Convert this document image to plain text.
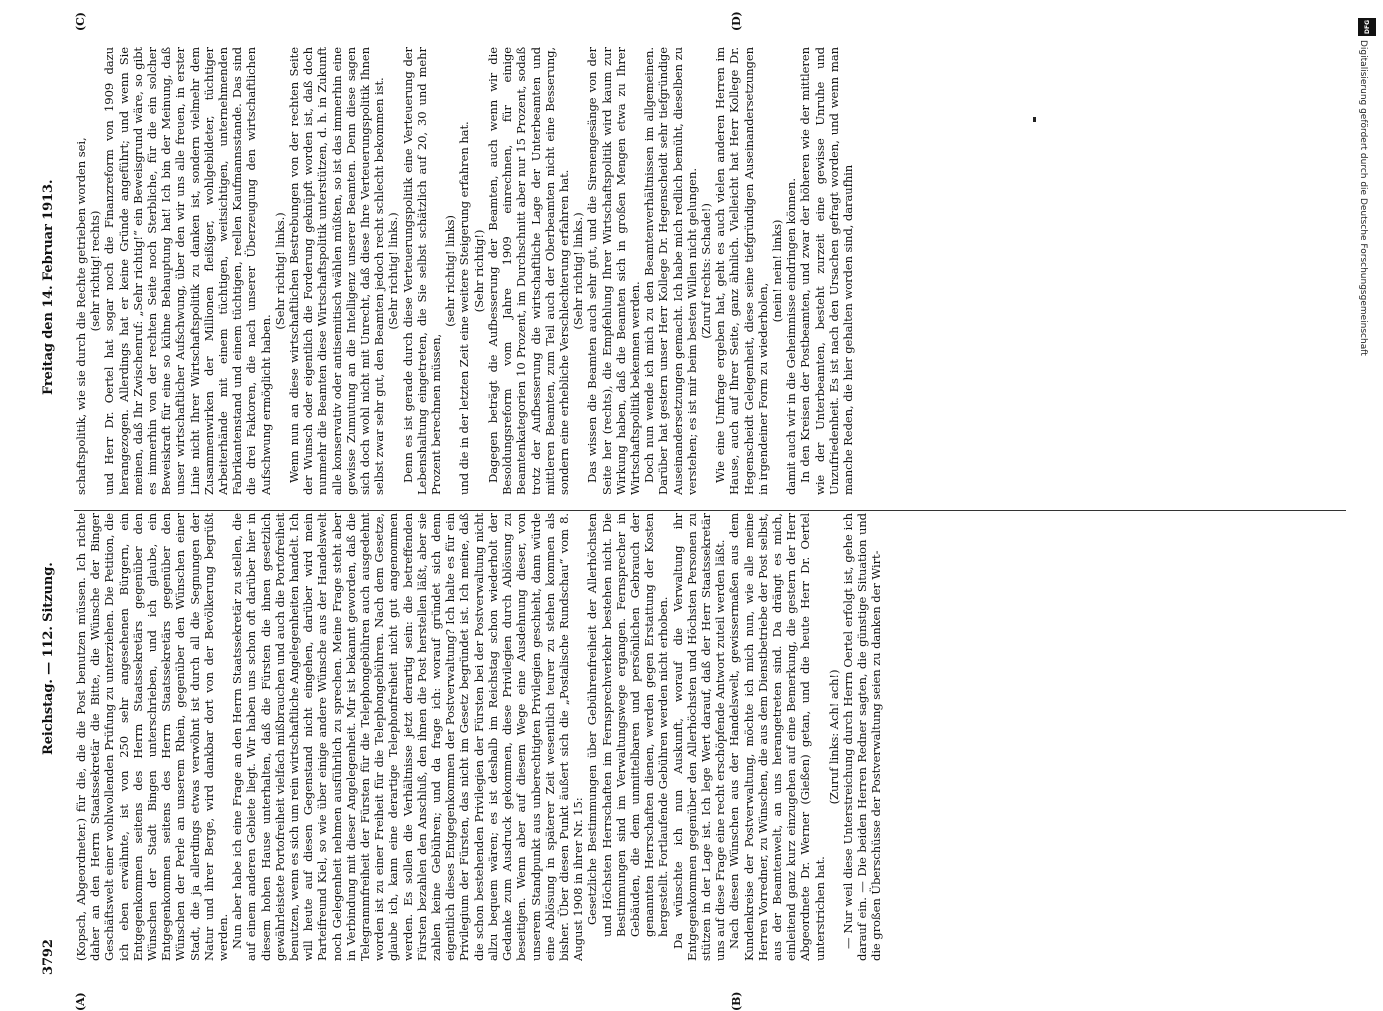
3792
Reichstag. — 112. Sitzung.
Freitag den 14. Februar 1913.
(A)	(B)
(C)	(D)

(Kopsch, Abgeordneter.) für die, die die Post benutzen müssen. Ich richte daher an den Herrn Staatssekretär die Bitte, die Wünsche der Binger Geschäftswelt einer wohlwollenden Prüfung zu unterziehen. Die Petition, die ich eben erwähnte, ist von 250 sehr angesehenen Bürgern, ein Entgegenkommen seitens des Herrn Staatssekretärs gegenüber den Wünschen der Stadt Bingen unterschrieben, und ich glaube, ein Entgegenkommen seitens des Herrn Staatssekretärs gegenüber den Wünschen der Perle an unserem Rhein, gegenüber den Wünschen einer Stadt, die ja allerdings etwas verwöhnt ist durch all die Segnungen der Natur und ihrer Berge, wird dankbar dort von der Bevölkerung begrüßt werden. Nun aber habe ich eine Frage an den Herrn Staatssekretär zu stellen, die auf einem anderen Gebiete liegt. Wir haben uns schon oft darüber hier in diesem hohen Hause unterhalten, daß die Fürsten die ihnen gesetzlich gewährleistete Portofreiheit vielfach mißbrauchen und auch die Portofreiheit benutzen, wenn es sich um rein wirtschaftliche Angelegenheiten handelt. Ich will heute auf diesen Gegenstand nicht eingehen, darüber wird mein Parteifreund Kiel, so wie über einige andere Wünsche aus der Handelswelt noch Gelegenheit nehmen ausführlich zu sprechen. Meine Frage steht aber in Verbindung mit dieser Angelegenheit. Mir ist bekannt geworden, daß die Telegrammfreiheit der Fürsten für die Telephongebühren auch ausgedehnt worden ist zu einer Freiheit für die Telephongebühren. Nach dem Gesetze, glaube ich, kann eine derartige Telephonfreiheit nicht gut angenommen werden. Es sollen die Verhältnisse jetzt derartig sein: die betreffenden Fürsten bezahlen den Anschluß, den ihnen die Post herstellen läßt, aber sie zahlen keine Gebühren; und da frage ich: worauf gründet sich denn eigentlich dieses Entgegenkommen der Postverwaltung? Ich halte es für ein Privilegium der Fürsten, das nicht im Gesetz begründet ist. Ich meine, daß die schon bestehenden Privilegien der Fürsten bei der Postverwaltung nicht allzu bequem wären; es ist deshalb im Reichstag schon wiederholt der Gedanke zum Ausdruck gekommen, diese Privilegien durch Ablösung zu beseitigen. Wenn aber auf diesem Wege eine Ausdehnung dieser, von unserem Standpunkt aus unberechtigten Privilegien geschieht, dann würde eine Ablösung in späterer Zeit wesentlich teurer zu stehen kommen als bisher. Über diesen Punkt äußert sich die „Postalische Rundschau“ vom 8. August 1908 in ihrer Nr. 15: Gesetzliche Bestimmungen über Gebührenfreiheit der Allerhöchsten und Höchsten Herrschaften im Fernsprechverkehr bestehen nicht. Die Bestimmungen sind im Verwaltungswege ergangen. Fernsprecher in Gebäuden, die dem unmittelbaren und persönlichen Gebrauch der genannten Herrschaften dienen, werden gegen Erstattung der Kosten hergestellt. Fortlaufende Gebühren werden nicht erhoben. Da wünschte ich nun Auskunft, worauf die Verwaltung ihr Entgegenkommen gegenüber den Allerhöchsten und Höchsten Personen zu stützen in der Lage ist. Ich lege Wert darauf, daß der Herr Staatssekretär uns auf diese Frage eine recht erschöpfende Antwort zuteil werden läßt. Nach diesen Wünschen aus der Handelswelt, gewissermaßen aus dem Kundenkreise der Postverwaltung, möchte ich mich nun, wie alle meine Herren Vorredner, zu Wünschen, die aus dem Dienstbetriebe der Post selbst, aus der Beamtenwelt, an uns herangetreten sind. Da drängt es mich, einleitend ganz kurz einzugehen auf eine Bemerkung, die gestern der Herr Abgeordnete Dr. Werner (Gießen) getan, und die heute Herr Dr. Oertel unterstrichen hat.

(Zuruf links: Ach! ach!) — Nur weil diese Unterstreichung durch Herrn Oertel erfolgt ist, gehe ich darauf ein. — Die beiden Herren Redner sagten, die günstige Situation und die großen Überschüsse der Postverwaltung seien zu danken der Wirt-

schaftspolitik, wie sie durch die Rechte getrieben worden sei, (sehr richtig! rechts) und Herr Dr. Oertel hat sogar noch die Finanzreform von 1909 dazu herangezogen. Allerdings hat er keine Gründe angeführt; und wenn Sie meinen, daß Ihr Zwischenruf: „Sehr richtig!“ ein Beweisgrund wäre, so gibt es immerhin von der rechten Seite noch Sterbliche, für die ein solcher Beweiskraft für eine so kühne Behauptung hat! Ich bin der Meinung, daß unser wirtschaftlicher Aufschwung, über den wir uns alle freuen, in erster Linie nicht Ihrer Wirtschaftspolitik zu danken ist, sondern vielmehr dem Zusammenwirken der Millionen fleißiger, wohlgebildeter, tüchtiger Arbeiterhände mit einem tüchtigen, weitsichtigen, unternehmenden Fabrikantenstand und einem tüchtigen, reellen Kaufmannsstande. Das sind die drei Faktoren, die nach unserer Überzeugung den wirtschaftlichen Aufschwung ermöglicht haben.

(Sehr richtig! links.) Wenn nun an diese wirtschaftlichen Bestrebungen von der rechten Seite der Wunsch oder eigentlich die Forderung geknüpft worden ist, daß doch nunmehr die Beamten diese Wirtschaftspolitik unterstützen, d. h. in Zukunft alle konservativ oder antisemitisch wählen müßten, so ist das immerhin eine gewisse Zumutung an die Intelligenz unserer Beamten. Denn diese sagen sich doch wohl nicht mit Unrecht, daß diese Ihre Verteuerungspolitik Ihnen selbst zwar sehr gut, den Beamten jedoch recht schlecht bekommen ist. (Sehr richtig! links.) Denn es ist gerade durch diese Verteuerungspolitik eine Verteuerung der Lebenshaltung eingetreten, die Sie selbst schätzlich auf 20, 30 und mehr Prozent berechnen müssen,

(sehr richtig! links) und die in der letzten Zeit eine weitere Steigerung erfahren hat. (Sehr richtig!) Dagegen beträgt die Aufbesserung der Beamten, auch wenn wir die Besoldungsreform vom Jahre 1909 einrechnen, für einige Beamtenkategorien 10 Prozent, im Durchschnitt aber nur 15 Prozent, sodaß trotz der Aufbesserung die wirtschaftliche Lage der Unterbeamten und mittleren Beamten, zum Teil auch der Oberbeamten nicht eine Besserung, sondern eine erhebliche Verschlechterung erfahren hat. (Sehr richtig! links.) Das wissen die Beamten auch sehr gut, und die Sirenengesänge von der Seite her (rechts), die Empfehlung Ihrer Wirtschaftspolitik wird kaum zur Wirkung haben, daß die Beamten sich in großen Mengen etwa zu Ihrer Wirtschaftspolitik bekennen werden. Doch nun wende ich mich zu den Beamtenverhältnissen im allgemeinen. Darüber hat gestern unser Herr Kollege Dr. Hegenscheidt sehr tiefgründige Auseinandersetzungen gemacht. Ich habe mich redlich bemüht, dieselben zu verstehen; es ist mir beim besten Willen nicht gelungen. (Zuruf rechts: Schade!) Wie eine Umfrage ergeben hat, geht es auch vielen anderen Herren im Hause, auch auf Ihrer Seite, ganz ähnlich. Vielleicht hat Herr Kollege Dr. Hegenscheidt Gelegenheit, diese seine tiefgründigen Auseinandersetzungen in irgendeiner Form zu wiederholen,

(nein! nein! links) damit auch wir in die Geheimnisse eindringen können. In den Kreisen der Postbeamten, und zwar der höheren wie der mittleren wie der Unterbeamten, besteht zurzeit eine gewisse Unruhe und Unzufriedenheit. Es ist nach den Ursachen gefragt worden, und wenn man manche Reden, die hier gehalten worden sind, daraufhin

DFG
Digitalisierung gefördert durch die Deutsche Forschungsgemeinschaft
